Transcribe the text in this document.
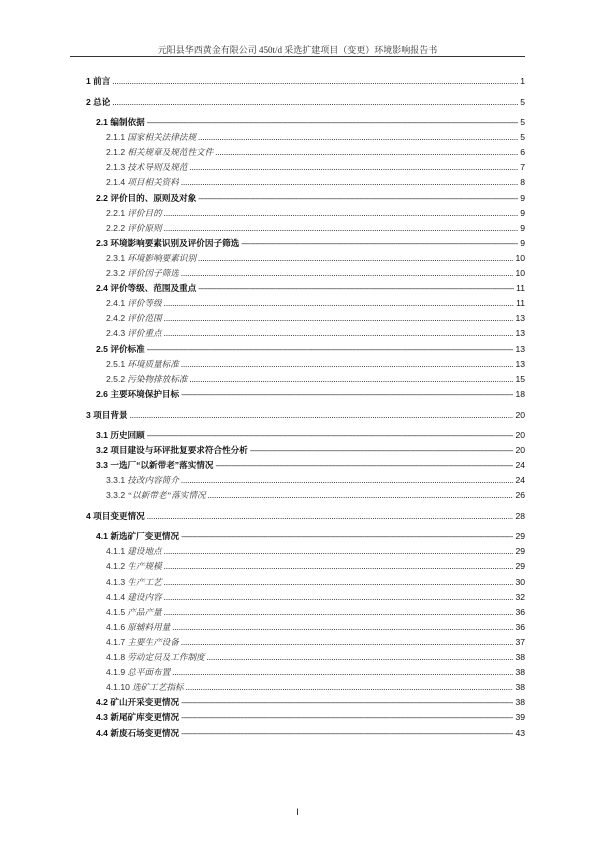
元阳县华西黄金有限公司 450t/d 采选扩建项目（变更）环境影响报告书
1 前言 .....	1
2 总论 .....	5
2.1 编制依据 -----	5
2.1.1 国家相关法律法规 .....	5
2.1.2 相关规章及规范性文件 .....	6
2.1.3 技术导则及规范 .....	7
2.1.4 项目相关资料 .....	8
2.2 评价目的、原则及对象 -----	9
2.2.1 评价目的 .....	9
2.2.2 评价原则 .....	9
2.3 环境影响要素识别及评价因子筛选 -----	9
2.3.1 环境影响要素识别 .....	10
2.3.2 评价因子筛选 .....	10
2.4 评价等级、范围及重点 -----	11
2.4.1 评价等级 .....	11
2.4.2 评价范围 .....	13
2.4.3 评价重点 .....	13
2.5 评价标准 -----	13
2.5.1 环境质量标准 .....	13
2.5.2 污染物排放标准 .....	15
2.6 主要环境保护目标 -----	18
3 项目背景 .....	20
3.1 历史回顾 -----	20
3.2 项目建设与环评批复要求符合性分析 -----	20
3.3 一选厂“以新带老”落实情况 -----	24
3.3.1 技改内容简介 .....	24
3.3.2 “以新带老”落实情况 .....	26
4 项目变更情况 .....	28
4.1 新选矿厂变更情况 -----	29
4.1.1 建设地点 .....	29
4.1.2 生产规模 .....	29
4.1.3 生产工艺 .....	30
4.1.4 建设内容 .....	32
4.1.5 产品产量 .....	36
4.1.6 原辅料用量 .....	36
4.1.7 主要生产设备 .....	37
4.1.8 劳动定员及工作制度 .....	38
4.1.9 总平面布置 .....	38
4.1.10 选矿工艺指标 .....	38
4.2 矿山开采变更情况 -----	38
4.3 新尾矿库变更情况 -----	39
4.4 新废石场变更情况 -----	43
I
